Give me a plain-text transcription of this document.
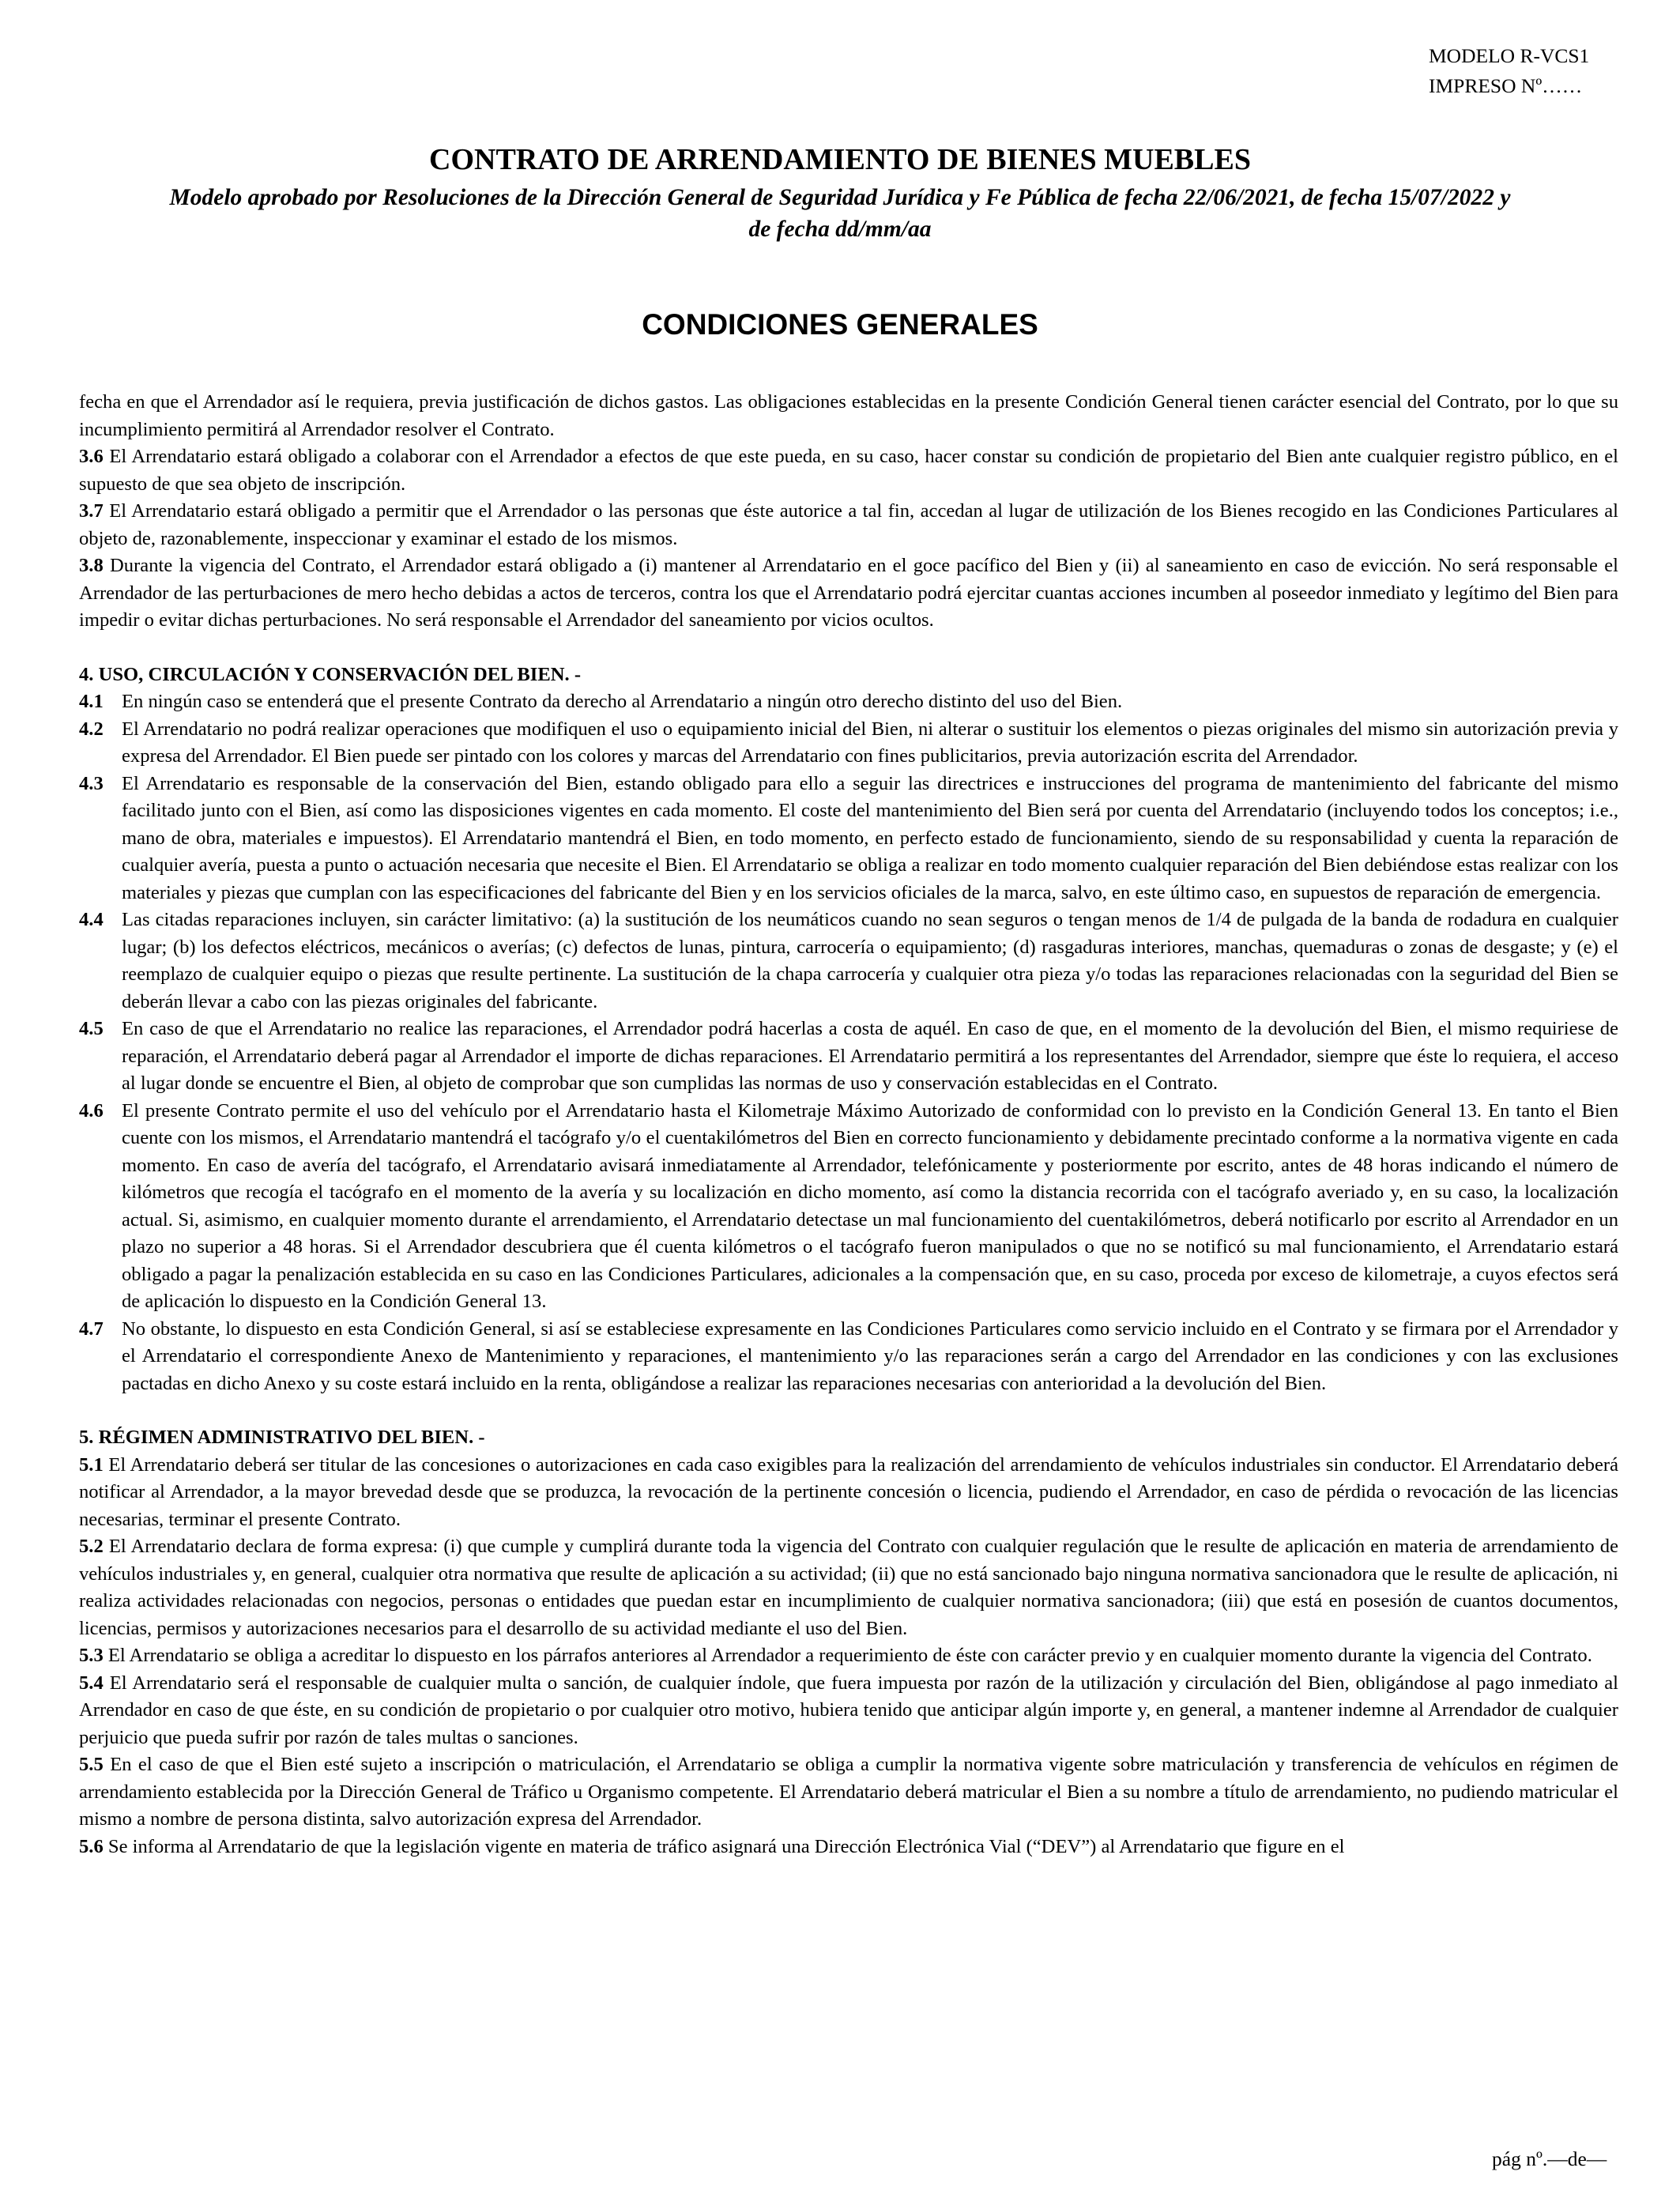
MODELO R-VCS1
IMPRESO Nº……
CONTRATO DE ARRENDAMIENTO DE BIENES MUEBLES
Modelo aprobado por Resoluciones de la Dirección General de Seguridad Jurídica y Fe Pública de fecha 22/06/2021, de fecha 15/07/2022 y de fecha dd/mm/aa
CONDICIONES GENERALES

fecha en que el Arrendador así le requiera, previa justificación de dichos gastos. Las obligaciones establecidas en la presente Condición General tienen carácter esencial del Contrato, por lo que su incumplimiento permitirá al Arrendador resolver el Contrato.

3.6 El Arrendatario estará obligado a colaborar con el Arrendador a efectos de que este pueda, en su caso, hacer constar su condición de propietario del Bien ante cualquier registro público, en el supuesto de que sea objeto de inscripción.

3.7 El Arrendatario estará obligado a permitir que el Arrendador o las personas que éste autorice a tal fin, accedan al lugar de utilización de los Bienes recogido en las Condiciones Particulares al objeto de, razonablemente, inspeccionar y examinar el estado de los mismos.

3.8 Durante la vigencia del Contrato, el Arrendador estará obligado a (i) mantener al Arrendatario en el goce pacífico del Bien y (ii) al saneamiento en caso de evicción. No será responsable el Arrendador de las perturbaciones de mero hecho debidas a actos de terceros, contra los que el Arrendatario podrá ejercitar cuantas acciones incumben al poseedor inmediato y legítimo del Bien para impedir o evitar dichas perturbaciones. No será responsable el Arrendador del saneamiento por vicios ocultos.

4. USO, CIRCULACIÓN Y CONSERVACIÓN DEL BIEN. -

4.1 En ningún caso se entenderá que el presente Contrato da derecho al Arrendatario a ningún otro derecho distinto del uso del Bien.

4.2 El Arrendatario no podrá realizar operaciones que modifiquen el uso o equipamiento inicial del Bien, ni alterar o sustituir los elementos o piezas originales del mismo sin autorización previa y expresa del Arrendador. El Bien puede ser pintado con los colores y marcas del Arrendatario con fines publicitarios, previa autorización escrita del Arrendador.

4.3 El Arrendatario es responsable de la conservación del Bien, estando obligado para ello a seguir las directrices e instrucciones del programa de mantenimiento del fabricante del mismo facilitado junto con el Bien, así como las disposiciones vigentes en cada momento. El coste del mantenimiento del Bien será por cuenta del Arrendatario (incluyendo todos los conceptos; i.e., mano de obra, materiales e impuestos). El Arrendatario mantendrá el Bien, en todo momento, en perfecto estado de funcionamiento, siendo de su responsabilidad y cuenta la reparación de cualquier avería, puesta a punto o actuación necesaria que necesite el Bien. El Arrendatario se obliga a realizar en todo momento cualquier reparación del Bien debiéndose estas realizar con los materiales y piezas que cumplan con las especificaciones del fabricante del Bien y en los servicios oficiales de la marca, salvo, en este último caso, en supuestos de reparación de emergencia.

4.4 Las citadas reparaciones incluyen, sin carácter limitativo: (a) la sustitución de los neumáticos cuando no sean seguros o tengan menos de 1/4 de pulgada de la banda de rodadura en cualquier lugar; (b) los defectos eléctricos, mecánicos o averías; (c) defectos de lunas, pintura, carrocería o equipamiento; (d) rasgaduras interiores, manchas, quemaduras o zonas de desgaste; y (e) el reemplazo de cualquier equipo o piezas que resulte pertinente. La sustitución de la chapa carrocería y cualquier otra pieza y/o todas las reparaciones relacionadas con la seguridad del Bien se deberán llevar a cabo con las piezas originales del fabricante.

4.5 En caso de que el Arrendatario no realice las reparaciones, el Arrendador podrá hacerlas a costa de aquél. En caso de que, en el momento de la devolución del Bien, el mismo requiriese de reparación, el Arrendatario deberá pagar al Arrendador el importe de dichas reparaciones. El Arrendatario permitirá a los representantes del Arrendador, siempre que éste lo requiera, el acceso al lugar donde se encuentre el Bien, al objeto de comprobar que son cumplidas las normas de uso y conservación establecidas en el Contrato.

4.6 El presente Contrato permite el uso del vehículo por el Arrendatario hasta el Kilometraje Máximo Autorizado de conformidad con lo previsto en la Condición General 13. En tanto el Bien cuente con los mismos, el Arrendatario mantendrá el tacógrafo y/o el cuentakilómetros del Bien en correcto funcionamiento y debidamente precintado conforme a la normativa vigente en cada momento. En caso de avería del tacógrafo, el Arrendatario avisará inmediatamente al Arrendador, telefónicamente y posteriormente por escrito, antes de 48 horas indicando el número de kilómetros que recogía el tacógrafo en el momento de la avería y su localización en dicho momento, así como la distancia recorrida con el tacógrafo averiado y, en su caso, la localización actual. Si, asimismo, en cualquier momento durante el arrendamiento, el Arrendatario detectase un mal funcionamiento del cuentakilómetros, deberá notificarlo por escrito al Arrendador en un plazo no superior a 48 horas. Si el Arrendador descubriera que él cuenta kilómetros o el tacógrafo fueron manipulados o que no se notificó su mal funcionamiento, el Arrendatario estará obligado a pagar la penalización establecida en su caso en las Condiciones Particulares, adicionales a la compensación que, en su caso, proceda por exceso de kilometraje, a cuyos efectos será de aplicación lo dispuesto en la Condición General 13.

4.7 No obstante, lo dispuesto en esta Condición General, si así se estableciese expresamente en las Condiciones Particulares como servicio incluido en el Contrato y se firmara por el Arrendador y el Arrendatario el correspondiente Anexo de Mantenimiento y reparaciones, el mantenimiento y/o las reparaciones serán a cargo del Arrendador en las condiciones y con las exclusiones pactadas en dicho Anexo y su coste estará incluido en la renta, obligándose a realizar las reparaciones necesarias con anterioridad a la devolución del Bien.

5. RÉGIMEN ADMINISTRATIVO DEL BIEN. -

5.1 El Arrendatario deberá ser titular de las concesiones o autorizaciones en cada caso exigibles para la realización del arrendamiento de vehículos industriales sin conductor. El Arrendatario deberá notificar al Arrendador, a la mayor brevedad desde que se produzca, la revocación de la pertinente concesión o licencia, pudiendo el Arrendador, en caso de pérdida o revocación de las licencias necesarias, terminar el presente Contrato.

5.2 El Arrendatario declara de forma expresa: (i) que cumple y cumplirá durante toda la vigencia del Contrato con cualquier regulación que le resulte de aplicación en materia de arrendamiento de vehículos industriales y, en general, cualquier otra normativa que resulte de aplicación a su actividad; (ii) que no está sancionado bajo ninguna normativa sancionadora que le resulte de aplicación, ni realiza actividades relacionadas con negocios, personas o entidades que puedan estar en incumplimiento de cualquier normativa sancionadora; (iii) que está en posesión de cuantos documentos, licencias, permisos y autorizaciones necesarios para el desarrollo de su actividad mediante el uso del Bien.

5.3 El Arrendatario se obliga a acreditar lo dispuesto en los párrafos anteriores al Arrendador a requerimiento de éste con carácter previo y en cualquier momento durante la vigencia del Contrato.

5.4 El Arrendatario será el responsable de cualquier multa o sanción, de cualquier índole, que fuera impuesta por razón de la utilización y circulación del Bien, obligándose al pago inmediato al Arrendador en caso de que éste, en su condición de propietario o por cualquier otro motivo, hubiera tenido que anticipar algún importe y, en general, a mantener indemne al Arrendador de cualquier perjuicio que pueda sufrir por razón de tales multas o sanciones.

5.5 En el caso de que el Bien esté sujeto a inscripción o matriculación, el Arrendatario se obliga a cumplir la normativa vigente sobre matriculación y transferencia de vehículos en régimen de arrendamiento establecida por la Dirección General de Tráfico u Organismo competente. El Arrendatario deberá matricular el Bien a su nombre a título de arrendamiento, no pudiendo matricular el mismo a nombre de persona distinta, salvo autorización expresa del Arrendador.

5.6 Se informa al Arrendatario de que la legislación vigente en materia de tráfico asignará una Dirección Electrónica Vial (“DEV”) al Arrendatario que figure en el

pág nº.—de—
